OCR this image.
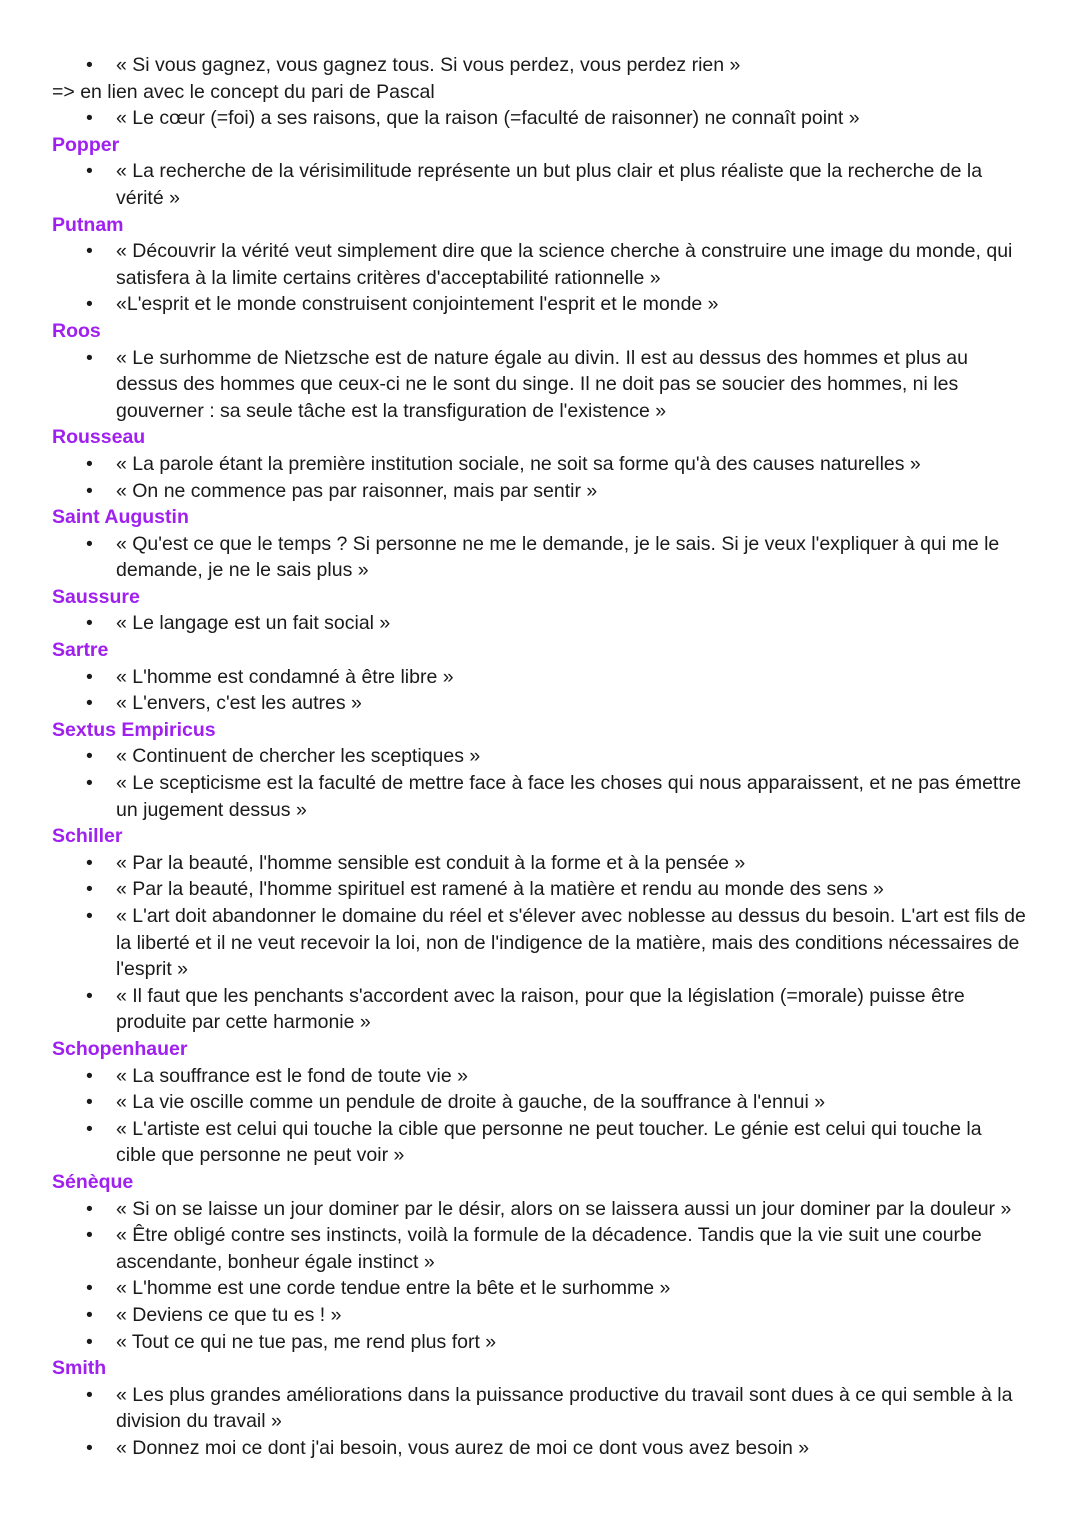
• « Si vous gagnez, vous gagnez tous. Si vous perdez, vous perdez rien »
=> en lien avec le concept du pari de Pascal
• « Le cœur (=foi) a ses raisons, que la raison (=faculté de raisonner) ne connaît point »
Popper
• « La recherche de la vérisimilitude représente un but plus clair et plus réaliste que la recherche de la vérité »
Putnam
• « Découvrir la vérité veut simplement dire que la science cherche à construire une image du monde, qui satisfera à la limite certains critères d'acceptabilité rationnelle »
• «L'esprit et le monde construisent conjointement l'esprit et le monde »
Roos
• « Le surhomme de Nietzsche est de nature égale au divin. Il est au dessus des hommes et plus au dessus des hommes que ceux-ci ne le sont du singe. Il ne doit pas se soucier des hommes, ni les gouverner : sa seule tâche est la transfiguration de l'existence »
Rousseau
• « La parole étant la première institution sociale, ne soit sa forme qu'à des causes naturelles »
• « On ne commence pas par raisonner, mais par sentir »
Saint Augustin
• « Qu'est ce que le temps ? Si personne ne me le demande, je le sais. Si je veux l'expliquer à qui me le demande, je ne le sais plus »
Saussure
• « Le langage est un fait social »
Sartre
• « L'homme est condamné à être libre »
• « L'envers, c'est les autres »
Sextus Empiricus
• « Continuent de chercher les sceptiques »
• « Le scepticisme est la faculté de mettre face à face les choses qui nous apparaissent, et ne pas émettre un jugement dessus »
Schiller
• « Par la beauté, l'homme sensible est conduit à la forme et à la pensée »
• « Par la beauté, l'homme spirituel est ramené à la matière et rendu au monde des sens »
• « L'art doit abandonner le domaine du réel et s'élever avec noblesse au dessus du besoin. L'art est fils de la liberté et il ne veut recevoir la loi, non de l'indigence de la matière, mais des conditions nécessaires de l'esprit »
• « Il faut que les penchants s'accordent avec la raison, pour que la législation (=morale) puisse être produite par cette harmonie »
Schopenhauer
• « La souffrance est le fond de toute vie »
• « La vie oscille comme un pendule de droite à gauche, de la souffrance à l'ennui »
• « L'artiste est celui qui touche la cible que personne ne peut toucher. Le génie est celui qui touche la cible que personne ne peut voir »
Sénèque
• « Si on se laisse un jour dominer par le désir, alors on se laissera aussi un jour dominer par la douleur »
• « Être obligé contre ses instincts, voilà la formule de la décadence. Tandis que la vie suit une courbe ascendante, bonheur égale instinct »
• « L'homme est une corde tendue entre la bête et le surhomme »
• « Deviens ce que tu es ! »
• « Tout ce qui ne tue pas, me rend plus fort »
Smith
• « Les plus grandes améliorations dans la puissance productive du travail sont dues à ce qui semble à la division du travail »
• « Donnez moi ce dont j'ai besoin, vous aurez de moi ce dont vous avez besoin »
